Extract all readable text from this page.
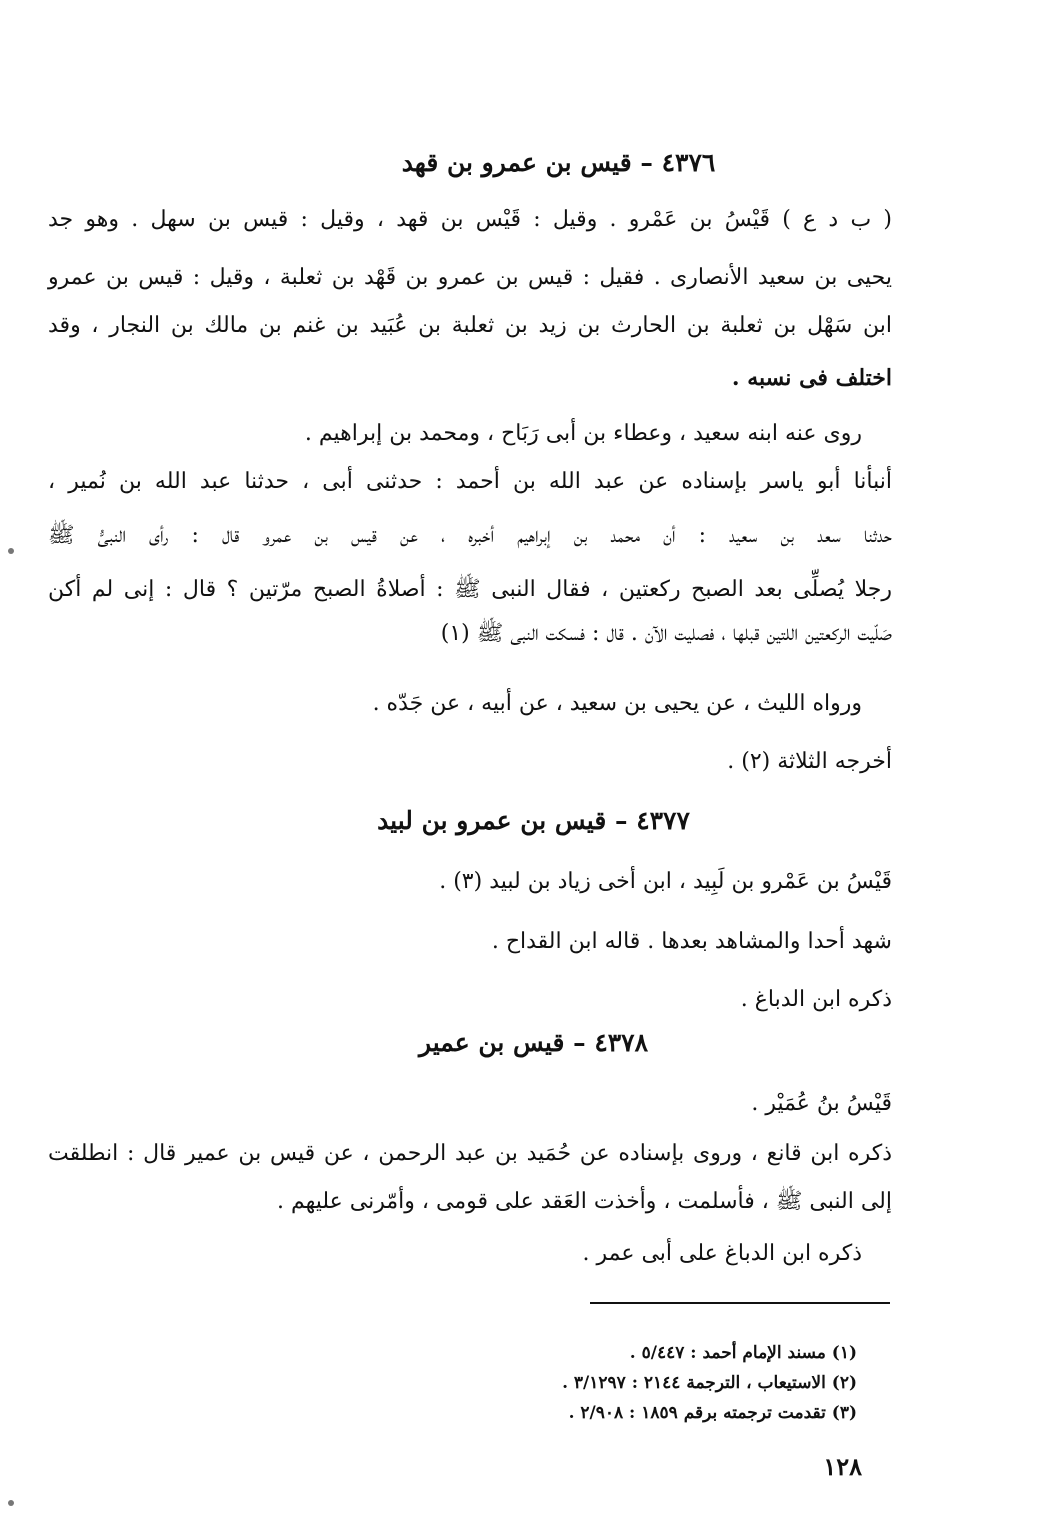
٤٣٧٦ – قيس بن عمرو بن قهد
( ب د ع ) قَيْسُ بن عَمْرو . وقيل : قَيْس بن قهد ، وقيل : قيس بن سهل . وهو جد
يحيى بن سعيد الأنصارى . فقيل : قيس بن عمرو بن قَهْد بن ثعلبة ، وقيل : قيس بن عمرو
ابن سَهْل بن ثعلبة بن الحارث بن زيد بن ثعلبة بن عُبَيد بن غنم بن مالك بن النجار ، وقد
اختلف فى نسبه .
روى عنه ابنه سعيد ، وعطاء بن أبى رَبَاح ، ومحمد بن إبراهيم .
أنبأنا أبو ياسر بإسناده عن عبد الله بن أحمد : حدثنى أبى ، حدثنا عبد الله بن نُمير ،
حدثنا سعد بن سعيد : أن محمد بن إبراهيم أخبره ، عن قيس بن عمرو قال : رأى النبىُّ ﷺ
رجلا يُصلِّى بعد الصبح ركعتين ، فقال النبى ﷺ : أصلاةُ الصبح مرّتين ؟ قال : إنى لم أكن
صَلّيت الركعتين اللتين قبلها ، فصليت الآن . قال : فسكت النبى ﷺ (١)
ورواه الليث ، عن يحيى بن سعيد ، عن أبيه ، عن جَدّه .
أخرجه الثلاثة (٢) .
٤٣٧٧ – قيس بن عمرو بن لبيد
قَيْسُ بن عَمْرو بن لَبِيد ، ابن أخى زياد بن لبيد (٣) .
شهد أحدا والمشاهد بعدها . قاله ابن القداح .
ذكره ابن الدباغ .
٤٣٧٨ – قيس بن عمير
قَيْسُ بنُ عُمَيْر .
ذكره ابن قانع ، وروى بإسناده عن حُمَيد بن عبد الرحمن ، عن قيس بن عمير قال : انطلقت
إلى النبى ﷺ ، فأسلمت ، وأخذت العَقد على قومى ، وأمّرنى عليهم .
ذكره ابن الدباغ على أبى عمر .
(١) مسند الإمام أحمد : ٥/٤٤٧ .
(٢) الاستيعاب ، الترجمة ٢١٤٤ : ٣/١٢٩٧ .
(٣) تقدمت ترجمته برقم ١٨٥٩ : ٢/٩٠٨ .
١٢٨
